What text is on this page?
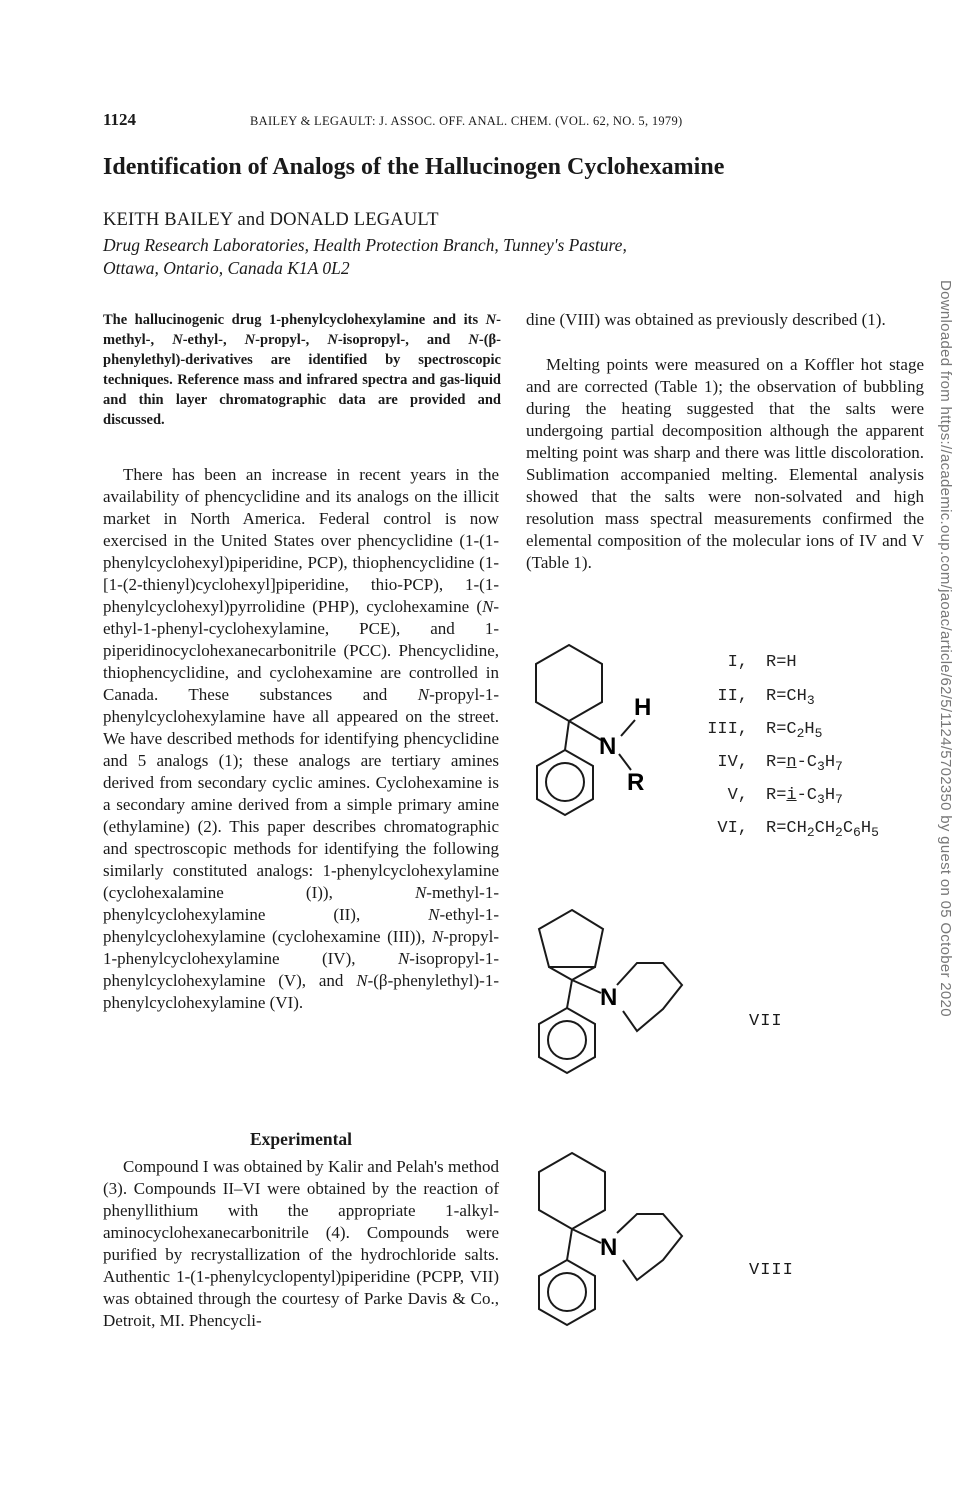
1124	BAILEY & LEGAULT: J. ASSOC. OFF. ANAL. CHEM. (VOL. 62, NO. 5, 1979)
Identification of Analogs of the Hallucinogen Cyclohexamine
KEITH BAILEY and DONALD LEGAULT
Drug Research Laboratories, Health Protection Branch, Tunney's Pasture,
Ottawa, Ontario, Canada K1A 0L2
The hallucinogenic drug 1-phenylcyclohexylamine and its N-methyl-, N-ethyl-, N-propyl-, N-isopropyl-, and N-(β-phenylethyl)-derivatives are identified by spectroscopic techniques. Reference mass and infrared spectra and gas-liquid and thin layer chromatographic data are provided and discussed.

There has been an increase in recent years in the availability of phencyclidine and its analogs on the illicit market in North America. Federal control is now exercised in the United States over phencyclidine (1-(1-phenylcyclohexyl)piperidine, PCP), thiophencyclidine (1-[1-(2-thienyl)cyclohexyl]piperidine, thio-PCP), 1-(1-phenylcyclohexyl)pyrrolidine (PHP), cyclohexamine (N-ethyl-1-phenyl-cyclohexylamine, PCE), and 1-piperidinocyclohexanecarbonitrile (PCC). Phencyclidine, thiophencyclidine, and cyclohexamine are controlled in Canada. These substances and N-propyl-1-phenylcyclohexylamine have all appeared on the street. We have described methods for identifying phencyclidine and 5 analogs (1); these analogs are tertiary amines derived from secondary cyclic amines. Cyclohexamine is a secondary amine derived from a simple primary amine (ethylamine) (2). This paper describes chromatographic and spectroscopic methods for identifying the following similarly constituted analogs: 1-phenylcyclohexylamine (cyclohexalamine (I)), N-methyl-1-phenylcyclohexylamine (II), N-ethyl-1-phenylcyclohexylamine (cyclohexamine (III)), N-propyl-1-phenylcyclohexylamine (IV), N-isopropyl-1-phenylcyclohexylamine (V), and N-(β-phenylethyl)-1-phenylcyclohexylamine (VI).

Experimental

Compound I was obtained by Kalir and Pelah's method (3). Compounds II–VI were obtained by the reaction of phenyllithium with the appropriate 1-alkyl-aminocyclohexanecarbonitrile (4). Compounds were purified by recrystallization of the hydrochloride salts. Authentic 1-(1-phenylcyclopentyl)piperidine (PCPP, VII) was obtained through the courtesy of Parke Davis & Co., Detroit, MI. Phencycli-

dine (VIII) was obtained as previously described (1).

Melting points were measured on a Koffler hot stage and are corrected (Table 1); the observation of bubbling during the heating suggested that the salts were undergoing partial decomposition although the apparent melting point was sharp and there was little discoloration. Sublimation accompanied melting. Elemental analysis showed that the salts were non-solvated and high resolution mass spectral measurements confirmed the elemental composition of the molecular ions of IV and V (Table 1).

H
N
R
I, R=H
II, $R=CH_3$
III, $R=C_2H_5$
IV, $R=n-C_3H_7$
V, $R=i-C_3H_7$
VI, $R=CH_2CH_2C_6H_5$
N
VII
N
VIII
Downloaded from https://academic.oup.com/jaoac/article/62/5/1124/5702350 by guest on 05 October 2020
